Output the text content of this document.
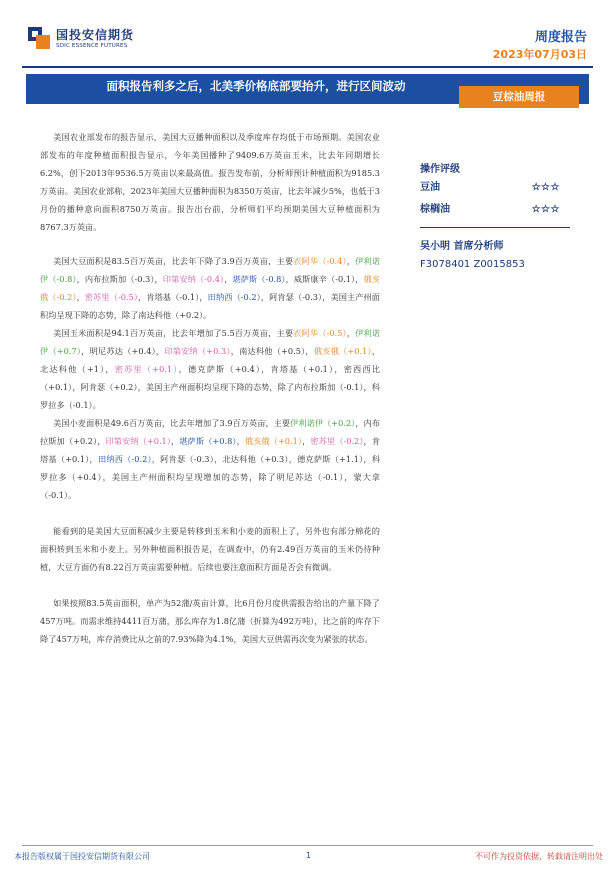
国投安信期货
SDIC ESSENCE FUTURES
周度报告
2023年07月03日
面积报告利多之后，北美季价格底部要抬升，进行区间波动
豆棕油周报

美国农业部发布的报告显示，美国大豆播种面积以及季度库存均低于市场预期。美国农业部发布的年度种植面积报告显示，今年美国播种了9409.6万英亩玉米，比去年同期增长6.2%，创下2013年9536.5万英亩以来最高值。报告发布前，分析师预计种植面积为9185.3万英亩。美国农业部称，2023年美国大豆播种面积为8350万英亩，比去年减少5%，也低于3月份的播种意向面积8750万英亩。报告出台前，分析师们平均预期美国大豆种植面积为8767.3万英亩。

美国大豆面积是83.5百万英亩，比去年下降了3.9百万英亩，主要衣阿华（-0.4），伊利诺伊（-0.8），内布拉斯加（-0.3），印第安纳（-0.4），堪萨斯（-0.8），威斯康辛（-0.1），俄亥俄（-0.2），密苏里（-0.5），肯塔基（-0.1），田纳西（-0.2），阿肯瑟（-0.3），美国主产州面积均呈现下降的态势，除了南达科他（+0.2）。

美国玉米面积是94.1百万英亩，比去年增加了5.5百万英亩，主要衣阿华（-0.5），伊利诺伊（+0.7），明尼苏达（+0.4），印第安纳（+0.3），南达科他（+0.5），俄亥俄（+0.1），北达科他（+1），密苏里（+0.1），德克萨斯（+0.4），肯塔基（+0.1），密西西比（+0.1），阿肯瑟（+0.2），美国主产州面积均呈现下降的态势，除了内布拉斯加（-0.1），科罗拉多（-0.1）。

美国小麦面积是49.6百万英亩，比去年增加了3.9百万英亩，主要伊利诺伊（+0.2），内布拉斯加（+0.2），印第安纳（+0.1），堪萨斯（+0.8），俄亥俄（+0.1），密苏里（-0.2），肯塔基（+0.1），田纳西（-0.2），阿肯瑟（-0.3），北达科他（+0.3），德克萨斯（+1.1），科罗拉多（+0.4），美国主产州面积均呈现增加的态势，除了明尼苏达（-0.1），蒙大拿（-0.1）。

能看到的是美国大豆面积减少主要是转移到玉米和小麦的面积上了，另外也有部分棉花的面积转到玉米和小麦上。另外种植面积报告是，在调查中，仍有2.49百万英亩的玉米仍待种植，大豆方面仍有8.22百万英亩需要种植。后续也要注意面积方面是否会有微调。

如果按照83.5英亩面积，单产为52蒲/英亩计算，比6月份月度供需报告给出的产量下降了457万吨。而需求维持4411百万蒲，那么库存为1.8亿蒲（折算为492万吨），比之前的库存下降了457万吨，库存消费比从之前的7.93%降为4.1%，美国大豆供需再次变为紧张的状态。

操作评级
豆油	☆☆☆
棕榈油	☆☆☆
吴小明 首席分析师
F3078401 Z0015853
本报告版权属于国投安信期货有限公司	1	不可作为投资依据，转载请注明出处
